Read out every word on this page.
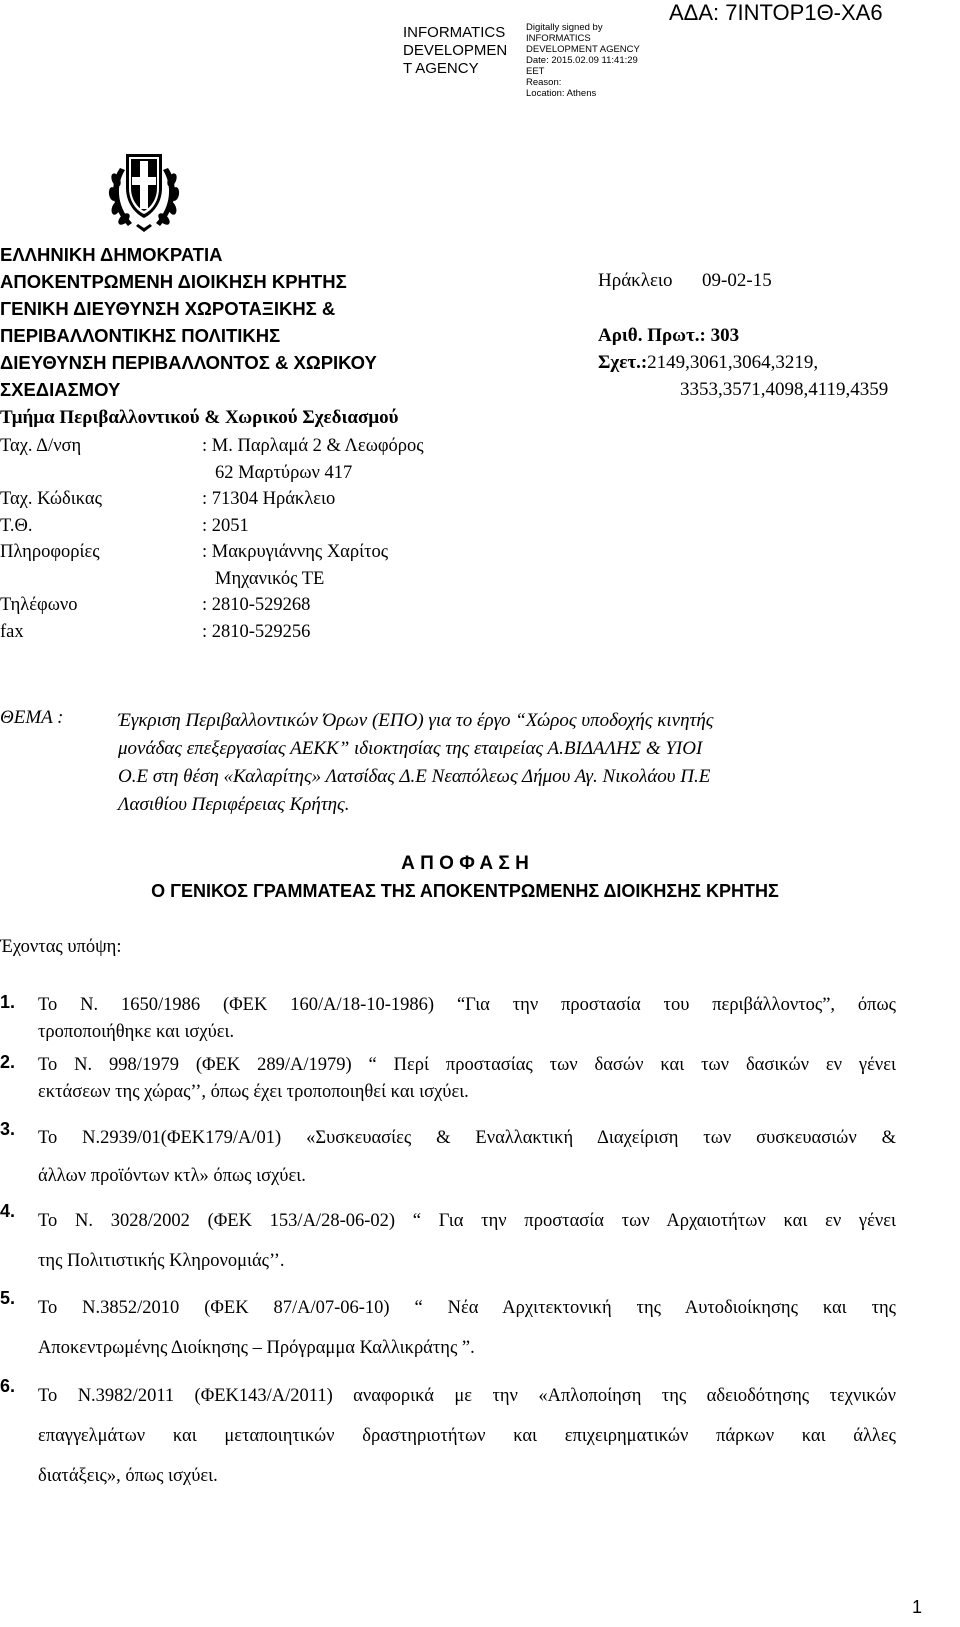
INFORMATICS
DEVELOPMEN
T AGENCY
Digitally signed by
INFORMATICS
DEVELOPMENT AGENCY
Date: 2015.02.09 11:41:29
EET
Reason:
Location: Athens
ΑΔΑ: 7ΙΝΤΟΡ1Θ-ΧΑ6
ΕΛΛΗΝΙΚΗ ΔΗΜΟΚΡΑΤΙΑ
ΑΠΟΚΕΝΤΡΩΜΕΝΗ ΔΙΟΙΚΗΣΗ ΚΡΗΤΗΣ
ΓΕΝΙΚΗ ΔΙΕΥΘΥΝΣΗ ΧΩΡΟΤΑΞΙΚΗΣ &
ΠΕΡΙΒΑΛΛΟΝΤΙΚΗΣ ΠΟΛΙΤΙΚΗΣ
ΔΙΕΥΘΥΝΣΗ ΠΕΡΙΒΑΛΛΟΝΤΟΣ & ΧΩΡΙΚΟΥ
ΣΧΕΔΙΑΣΜΟΥ
Τμήμα Περιβαλλοντικού & Χωρικού Σχεδιασμού
Ταχ. Δ/νση	: Μ. Παρλαμά 2 & Λεωφόρος
62 Μαρτύρων 417
Ταχ. Κώδικας	: 71304 Ηράκλειο
Τ.Θ.	: 2051
Πληροφορίες	: Μακρυγιάννης Χαρίτος
Μηχανικός ΤΕ
Τηλέφωνο	: 2810-529268
fax	: 2810-529256
Ηράκλειο 09-02-15
Αριθ. Πρωτ.: 303
Σχετ.:2149,3061,3064,3219,
3353,3571,4098,4119,4359
ΘΕΜΑ :	Έγκριση Περιβαλλοντικών Όρων (ΕΠΟ) για το έργο “Χώρος υποδοχής κινητής
μονάδας επεξεργασίας ΑΕΚΚ” ιδιοκτησίας της εταιρείας Α.ΒΙΔΑΛΗΣ & ΥΙΟΙ
Ο.Ε στη θέση «Καλαρίτης» Λατσίδας Δ.Ε Νεαπόλεως Δήμου Αγ. Νικολάου Π.Ε
Λασιθίου Περιφέρειας Κρήτης.
Α Π Ο Φ Α Σ Η
Ο ΓΕΝΙΚΟΣ ΓΡΑΜΜΑΤΕΑΣ ΤΗΣ ΑΠΟΚΕΝΤΡΩΜΕΝΗΣ ΔΙΟΙΚΗΣΗΣ ΚΡΗΤΗΣ
Έχοντας υπόψη:
1. Το Ν. 1650/1986 (ΦΕΚ 160/Α/18-10-1986) “Για την προστασία του περιβάλλοντος”, όπως
τροποποιήθηκε και ισχύει.
2. Το Ν. 998/1979 (ΦΕΚ 289/Α/1979) “ Περί προστασίας των δασών και των δασικών εν γένει
εκτάσεων της χώρας’’, όπως έχει τροποποιηθεί και ισχύει.
3. Το Ν.2939/01(ΦΕΚ179/Α/01) «Συσκευασίες & Εναλλακτική Διαχείριση των συσκευασιών &
άλλων προϊόντων κτλ» όπως ισχύει.
4. Το Ν. 3028/2002 (ΦΕΚ 153/Α/28-06-02) “ Για την προστασία των Αρχαιοτήτων και εν γένει
της Πολιτιστικής Κληρονομιάς’’.
5. Το Ν.3852/2010 (ΦΕΚ 87/Α/07-06-10) “ Νέα Αρχιτεκτονική της Αυτοδιοίκησης και της
Αποκεντρωμένης Διοίκησης – Πρόγραμμα Καλλικράτης ”.
6. Το Ν.3982/2011 (ΦΕΚ143/Α/2011) αναφορικά με την «Απλοποίηση της αδειοδότησης τεχνικών
επαγγελμάτων και μεταποιητικών δραστηριοτήτων και επιχειρηματικών πάρκων και άλλες
διατάξεις», όπως ισχύει.
1
